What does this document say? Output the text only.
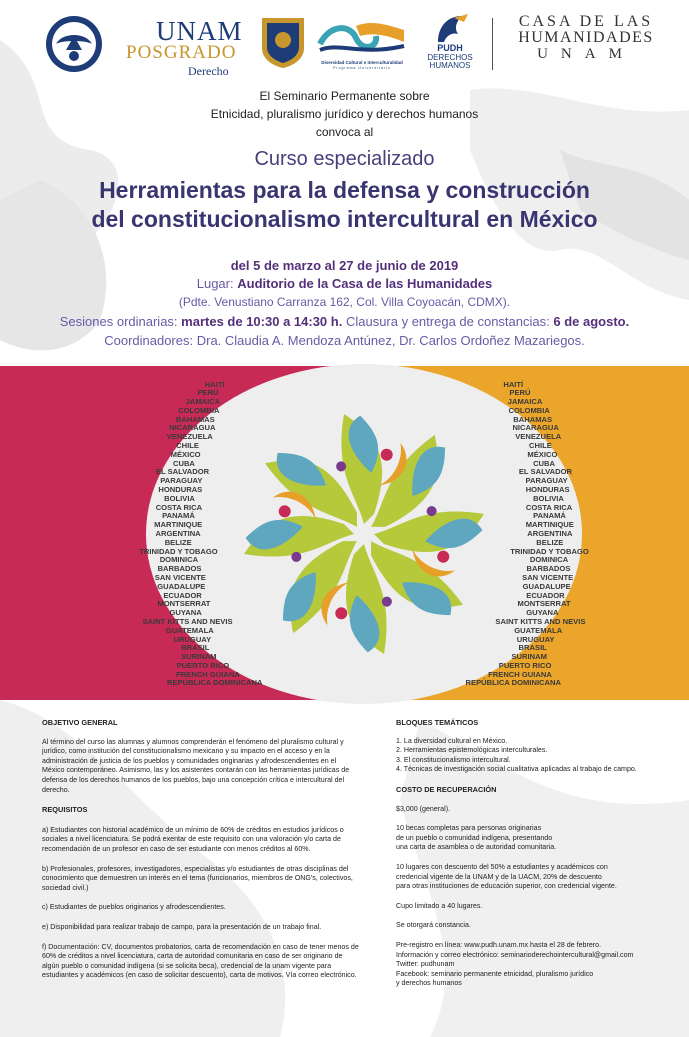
UNAM
POSGRADO
Derecho
Diversidad Cultural e Interculturalidad
Programa Universitario
PUDH
DERECHOS
HUMANOS
CASA DE LAS
HUMANIDADES
UNAM
El Seminario Permanente sobre
Etnicidad, pluralismo jurídico y derechos humanos
convoca al
Curso especializado
Herramientas para la defensa y construcción
del constitucionalismo intercultural en México
del 5 de marzo al 27 de junio de 2019
Lugar: Auditorio de la Casa de las Humanidades
(Pdte. Venustiano Carranza 162, Col. Villa Coyoacán, CDMX).
Sesiones ordinarias: martes de 10:30 a 14:30 h. Clausura y entrega de constancias: 6 de agosto.
Coordinadores: Dra. Claudia A. Mendoza Antúnez, Dr. Carlos Ordoñez Mazariegos.
HAITÍ
PERÚ
JAMAICA
COLOMBIA
BAHAMAS
NICARAGUA
VENEZUELA
CHILE
MÉXICO
CUBA
EL SALVADOR
PARAGUAY
HONDURAS
BOLIVIA
COSTA RICA
PANAMÁ
MARTINIQUE
ARGENTINA
BELIZE
TRINIDAD Y TOBAGO
DOMINICA
BARBADOS
SAN VICENTE
GUADALUPE
ECUADOR
MONTSERRAT
GUYANA
SAINT KITTS AND NEVIS
GUATEMALA
URUGUAY
BRASIL
SURINAM
PUERTO RICO
FRENCH GUIANA
REPÚBLICA DOMINICANA
HAITÍ
PERÚ
JAMAICA
COLOMBIA
BAHAMAS
NICARAGUA
VENEZUELA
CHILE
MÉXICO
CUBA
EL SALVADOR
PARAGUAY
HONDURAS
BOLIVIA
COSTA RICA
PANAMÁ
MARTINIQUE
ARGENTINA
BELIZE
TRINIDAD Y TOBAGO
DOMINICA
BARBADOS
SAN VICENTE
GUADALUPE
ECUADOR
MONTSERRAT
GUYANA
SAINT KITTS AND NEVIS
GUATEMALA
URUGUAY
BRASIL
SURINAM
PUERTO RICO
FRENCH GUIANA
REPÚBLICA DOMINICANA

OBJETIVO GENERAL

Al término del curso las alumnas y alumnos comprenderán el fenómeno del pluralismo cultural y jurídico, como institución del constitucionalismo mexicano y su impacto en el acceso y en la administración de justicia de los pueblos y comunidades originarias y afrodescendientes en el México contemporáneo. Asimismo, las y los asistentes contarán con las herramientas jurídicas de defensa de los derechos humanos de los pueblos, bajo una concepción crítica e intercultural del derecho.

REQUISITOS

a) Estudiantes con historial académico de un mínimo de 60% de créditos en estudios jurídicos o sociales a nivel licenciatura. Se podrá exentar de este requisito con una valoración y/o carta de recomendación de un profesor en caso de ser estudiante con menos créditos al 60%.

b) Profesionales, profesores, investigadores, especialistas y/o estudiantes de otras disciplinas del conocimiento que demuestren un interés en el tema (funcionarios, miembros de ONG's, colectivos, sociedad civil.)

c) Estudiantes de pueblos originarios y afrodescendientes.

e) Disponibilidad para realizar trabajo de campo, para la presentación de un trabajo final.

f) Documentación: CV, documentos probatorios, carta de recomendación en caso de tener menos de 60% de créditos a nivel licenciatura, carta de autoridad comunitaria en caso de ser originario de algún pueblo o comunidad indígena (si se solicita beca), credencial de la unam vigente para estudiantes y académicos (en caso de solicitar descuento), carta de motivos. Vía correo electrónico.

BLOQUES TEMÁTICOS

1. La diversidad cultural en México.

2. Herramientas epistemológicas interculturales.

3. El constitucionalismo intercultural.

4. Técnicas de investigación social cualitativa aplicadas al trabajo de campo.

COSTO DE RECUPERACIÓN

$3,000 (general).

10 becas completas para personas originarias

de un pueblo o comunidad indígena, presentando

una carta de asamblea o de autoridad comunitaria.

10 lugares con descuento del 50% a estudiantes y académicos con

credencial vigente de la UNAM y de la UACM, 20% de descuento

para otras instituciones de educación superior, con credencial vigente.

Cupo limitado a 40 lugares.

Se otorgará constancia.

Pre-registro en línea: www.pudh.unam.mx hasta el 28 de febrero.

Información y correo electrónico: seminarioderechointercultural@gmail.com

Twitter: pudhunam

Facebook: seminario permanente etnicidad, pluralismo jurídico

y derechos humanos
